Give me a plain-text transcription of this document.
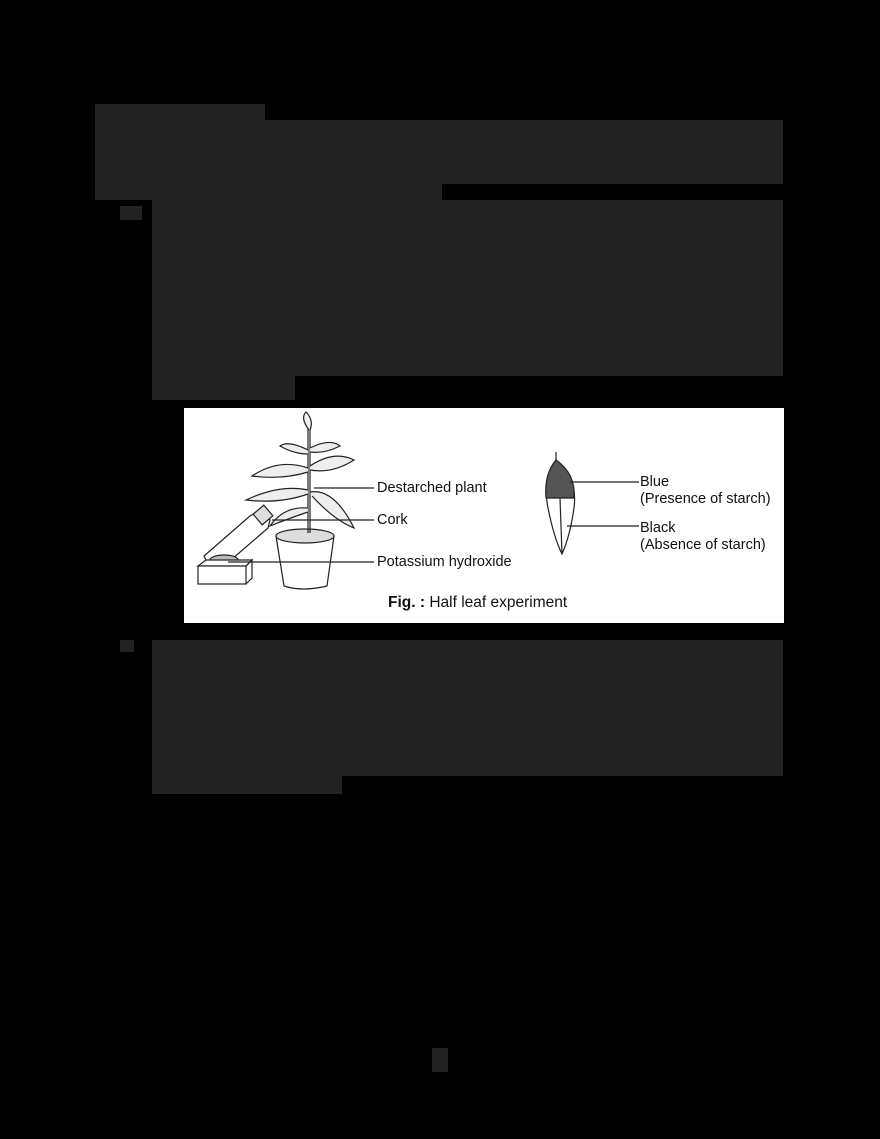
Destarched plant
Cork
Potassium hydroxide
Blue
(Presence of starch)
Black
(Absence of starch)
Fig. : Half leaf experiment
